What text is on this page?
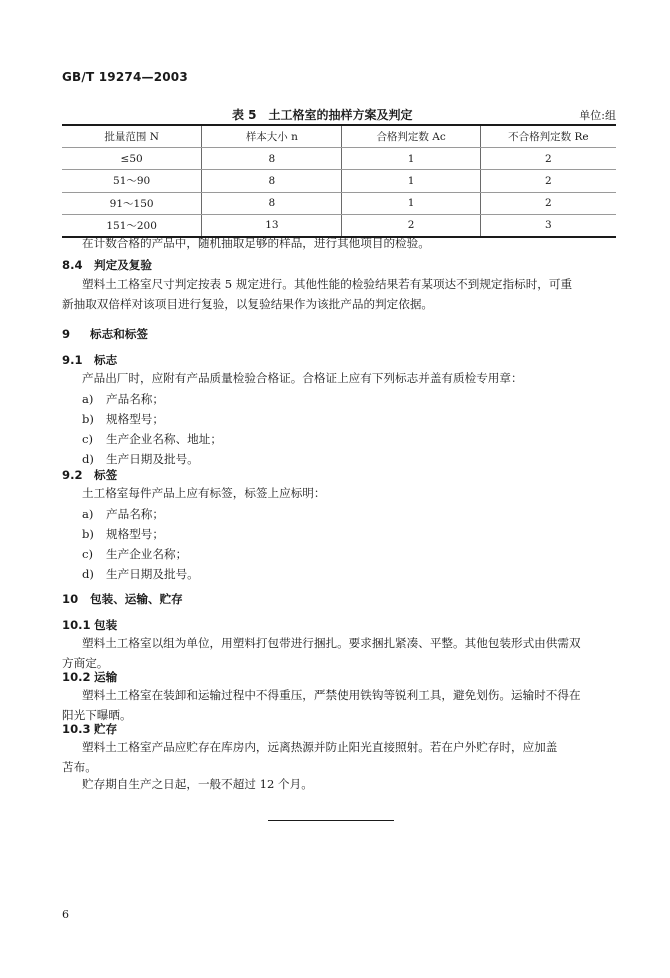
GB/T 19274—2003
表 5　土工格室的抽样方案及判定	单位:组
批量范围 N	样本大小 n	合格判定数 Ac	不合格判定数 Re
≤50	8	1	2
51～90	8	1	2
91～150	8	1	2
151～200	13	2	3
在计数合格的产品中，随机抽取足够的样品，进行其他项目的检验。
8.4 判定及复验
塑料土工格室尺寸判定按表 5 规定进行。其他性能的检验结果若有某项达不到规定指标时，可重
新抽取双倍样对该项目进行复验，以复验结果作为该批产品的判定依据。
9 标志和标签
9.1 标志
产品出厂时，应附有产品质量检验合格证。合格证上应有下列标志并盖有质检专用章：
a) 产品名称；
b) 规格型号；
c) 生产企业名称、地址；
d) 生产日期及批号。
9.2 标签
土工格室每件产品上应有标签，标签上应标明：
a) 产品名称；
b) 规格型号；
c) 生产企业名称；
d) 生产日期及批号。
10 包装、运输、贮存
10.1 包装
塑料土工格室以组为单位，用塑料打包带进行捆扎。要求捆扎紧凑、平整。其他包装形式由供需双
方商定。
10.2 运输
塑料土工格室在装卸和运输过程中不得重压，严禁使用铁钩等锐利工具，避免划伤。运输时不得在
阳光下曝晒。
10.3 贮存
塑料土工格室产品应贮存在库房内，远离热源并防止阳光直接照射。若在户外贮存时，应加盖
苫布。
贮存期自生产之日起，一般不超过 12 个月。
6
